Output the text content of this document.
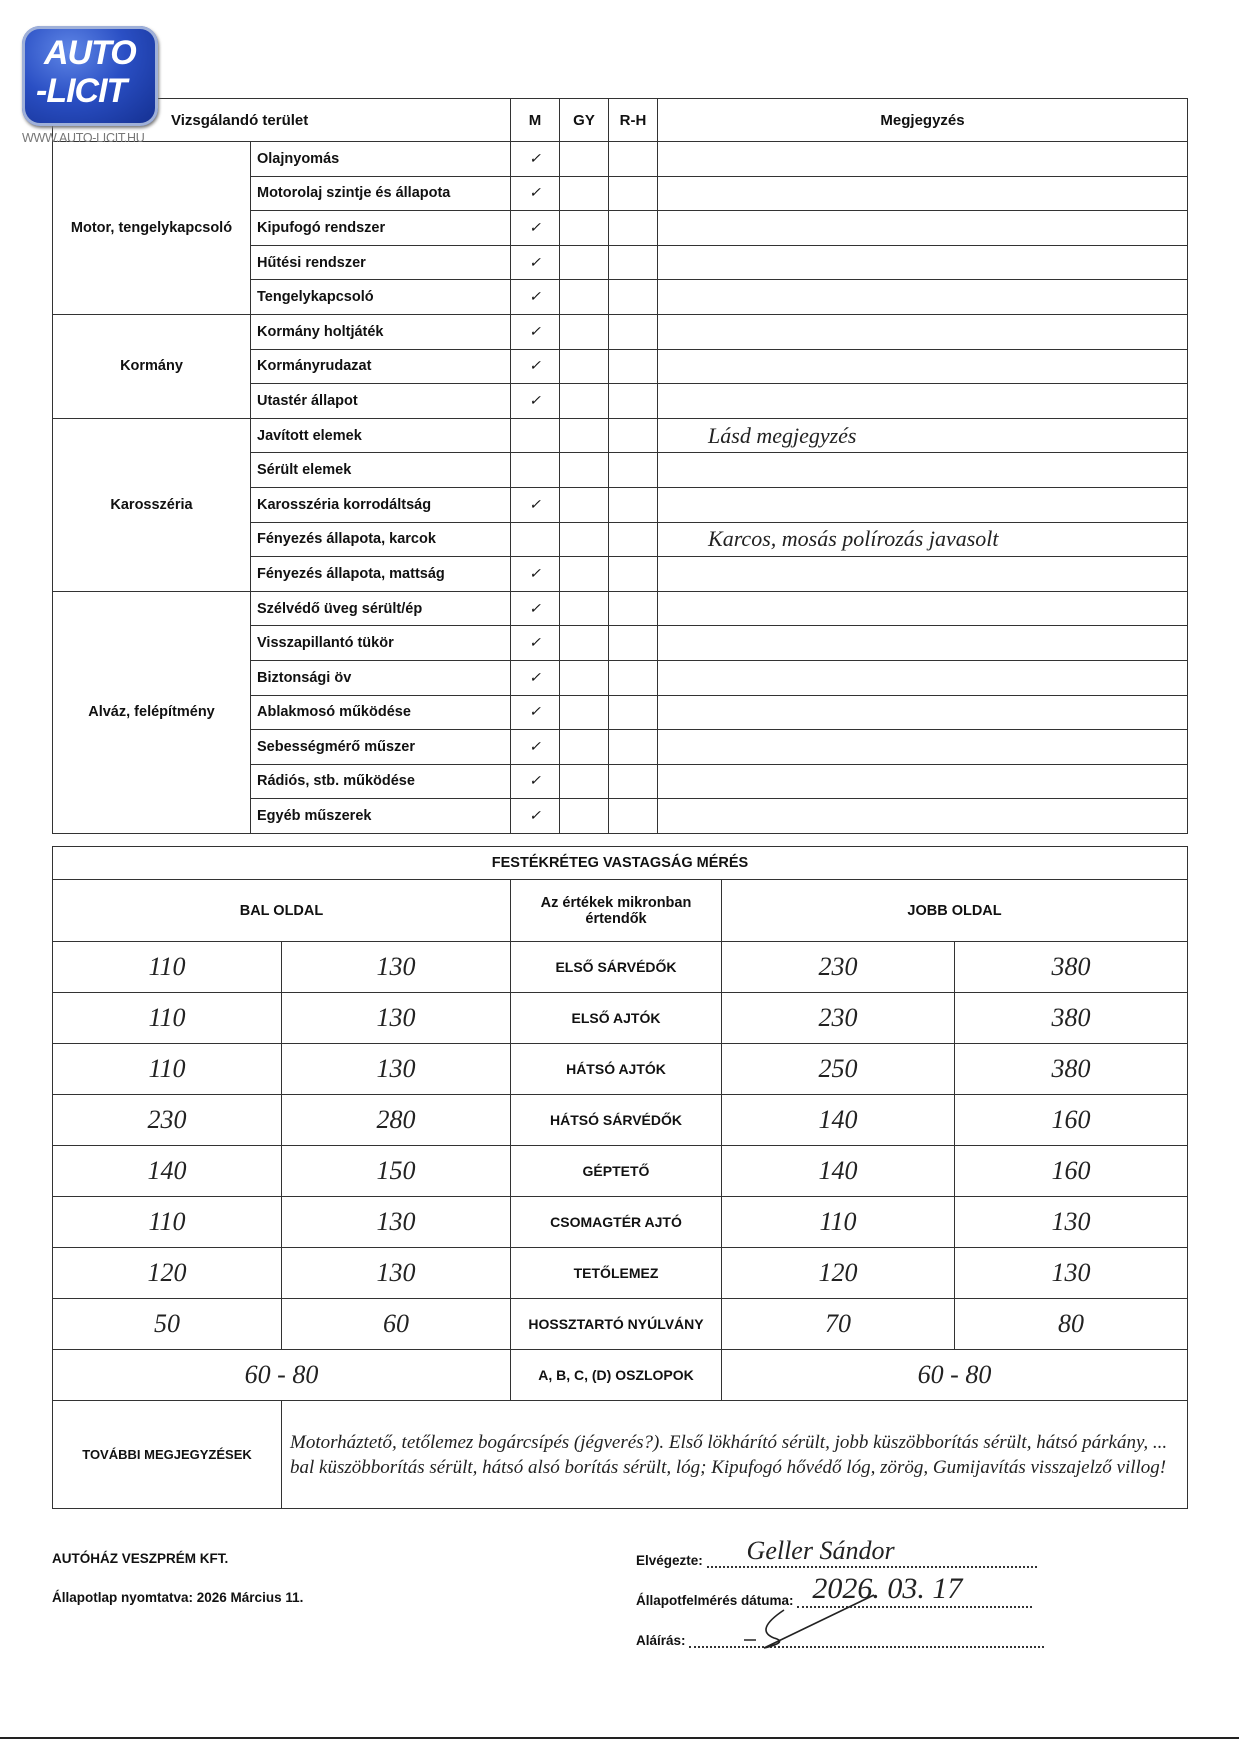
AUTO
-LICIT
WWW.AUTO-LICIT.HU
Vizsgálandó terület		M	GY	R-H	Megjegyzés
Motor, tengelykapcsoló	Olajnyomás	✓			
	Motorolaj szintje és állapota	✓			
	Kipufogó rendszer	✓			
	Hűtési rendszer	✓			
	Tengelykapcsoló	✓			
Kormány	Kormány holtjáték	✓			
	Kormányrudazat	✓			
	Utastér állapot	✓			
Karosszéria	Javított elemek				Lásd megjegyzés
	Sérült elemek				
	Karosszéria korrodáltság	✓			
	Fényezés állapota, karcok				Karcos, mosás polírozás javasolt
	Fényezés állapota, mattság	✓			
Alváz, felépítmény	Szélvédő üveg sérült/ép	✓			
	Visszapillantó tükör	✓			
	Biztonsági öv	✓			
	Ablakmosó működése	✓			
	Sebességmérő műszer	✓			
	Rádiós, stb. működése	✓			
	Egyéb műszerek	✓			
FESTÉKRÉTEG VASTAGSÁG MÉRÉS				
BAL OLDAL		Az értékek mikronban értendők	JOBB OLDAL	
110	130	ELSŐ SÁRVÉDŐK	230	380
110	130	ELSŐ AJTÓK	230	380
110	130	HÁTSÓ AJTÓK	250	380
230	280	HÁTSÓ SÁRVÉDŐK	140	160
140	150	GÉPTETŐ	140	160
110	130	CSOMAGTÉR AJTÓ	110	130
120	130	TETŐLEMEZ	120	130
50	60	HOSSZTARTÓ NYÚLVÁNY	70	80
60 - 80		A, B, C, (D) OSZLOPOK	60 - 80	
TOVÁBBI MEGJEGYZÉSEK	Motorháztető, tetőlemez bogárcsípés (jégverés?). Első lökhárító sérült, jobb küszöbborítás sérült, hátsó párkány, ... bal küszöbborítás sérült, hátsó alsó borítás sérült, lóg; Kipufogó hővédő lóg, zörög, Gumijavítás visszajelző villog!			
AUTÓHÁZ VESZPRÉM KFT.
Állapotlap nyomtatva: 2026 Március 11.
Elvégezte: Geller Sándor
Állapotfelmérés dátuma: 2026. 03. 17
Aláírás:
